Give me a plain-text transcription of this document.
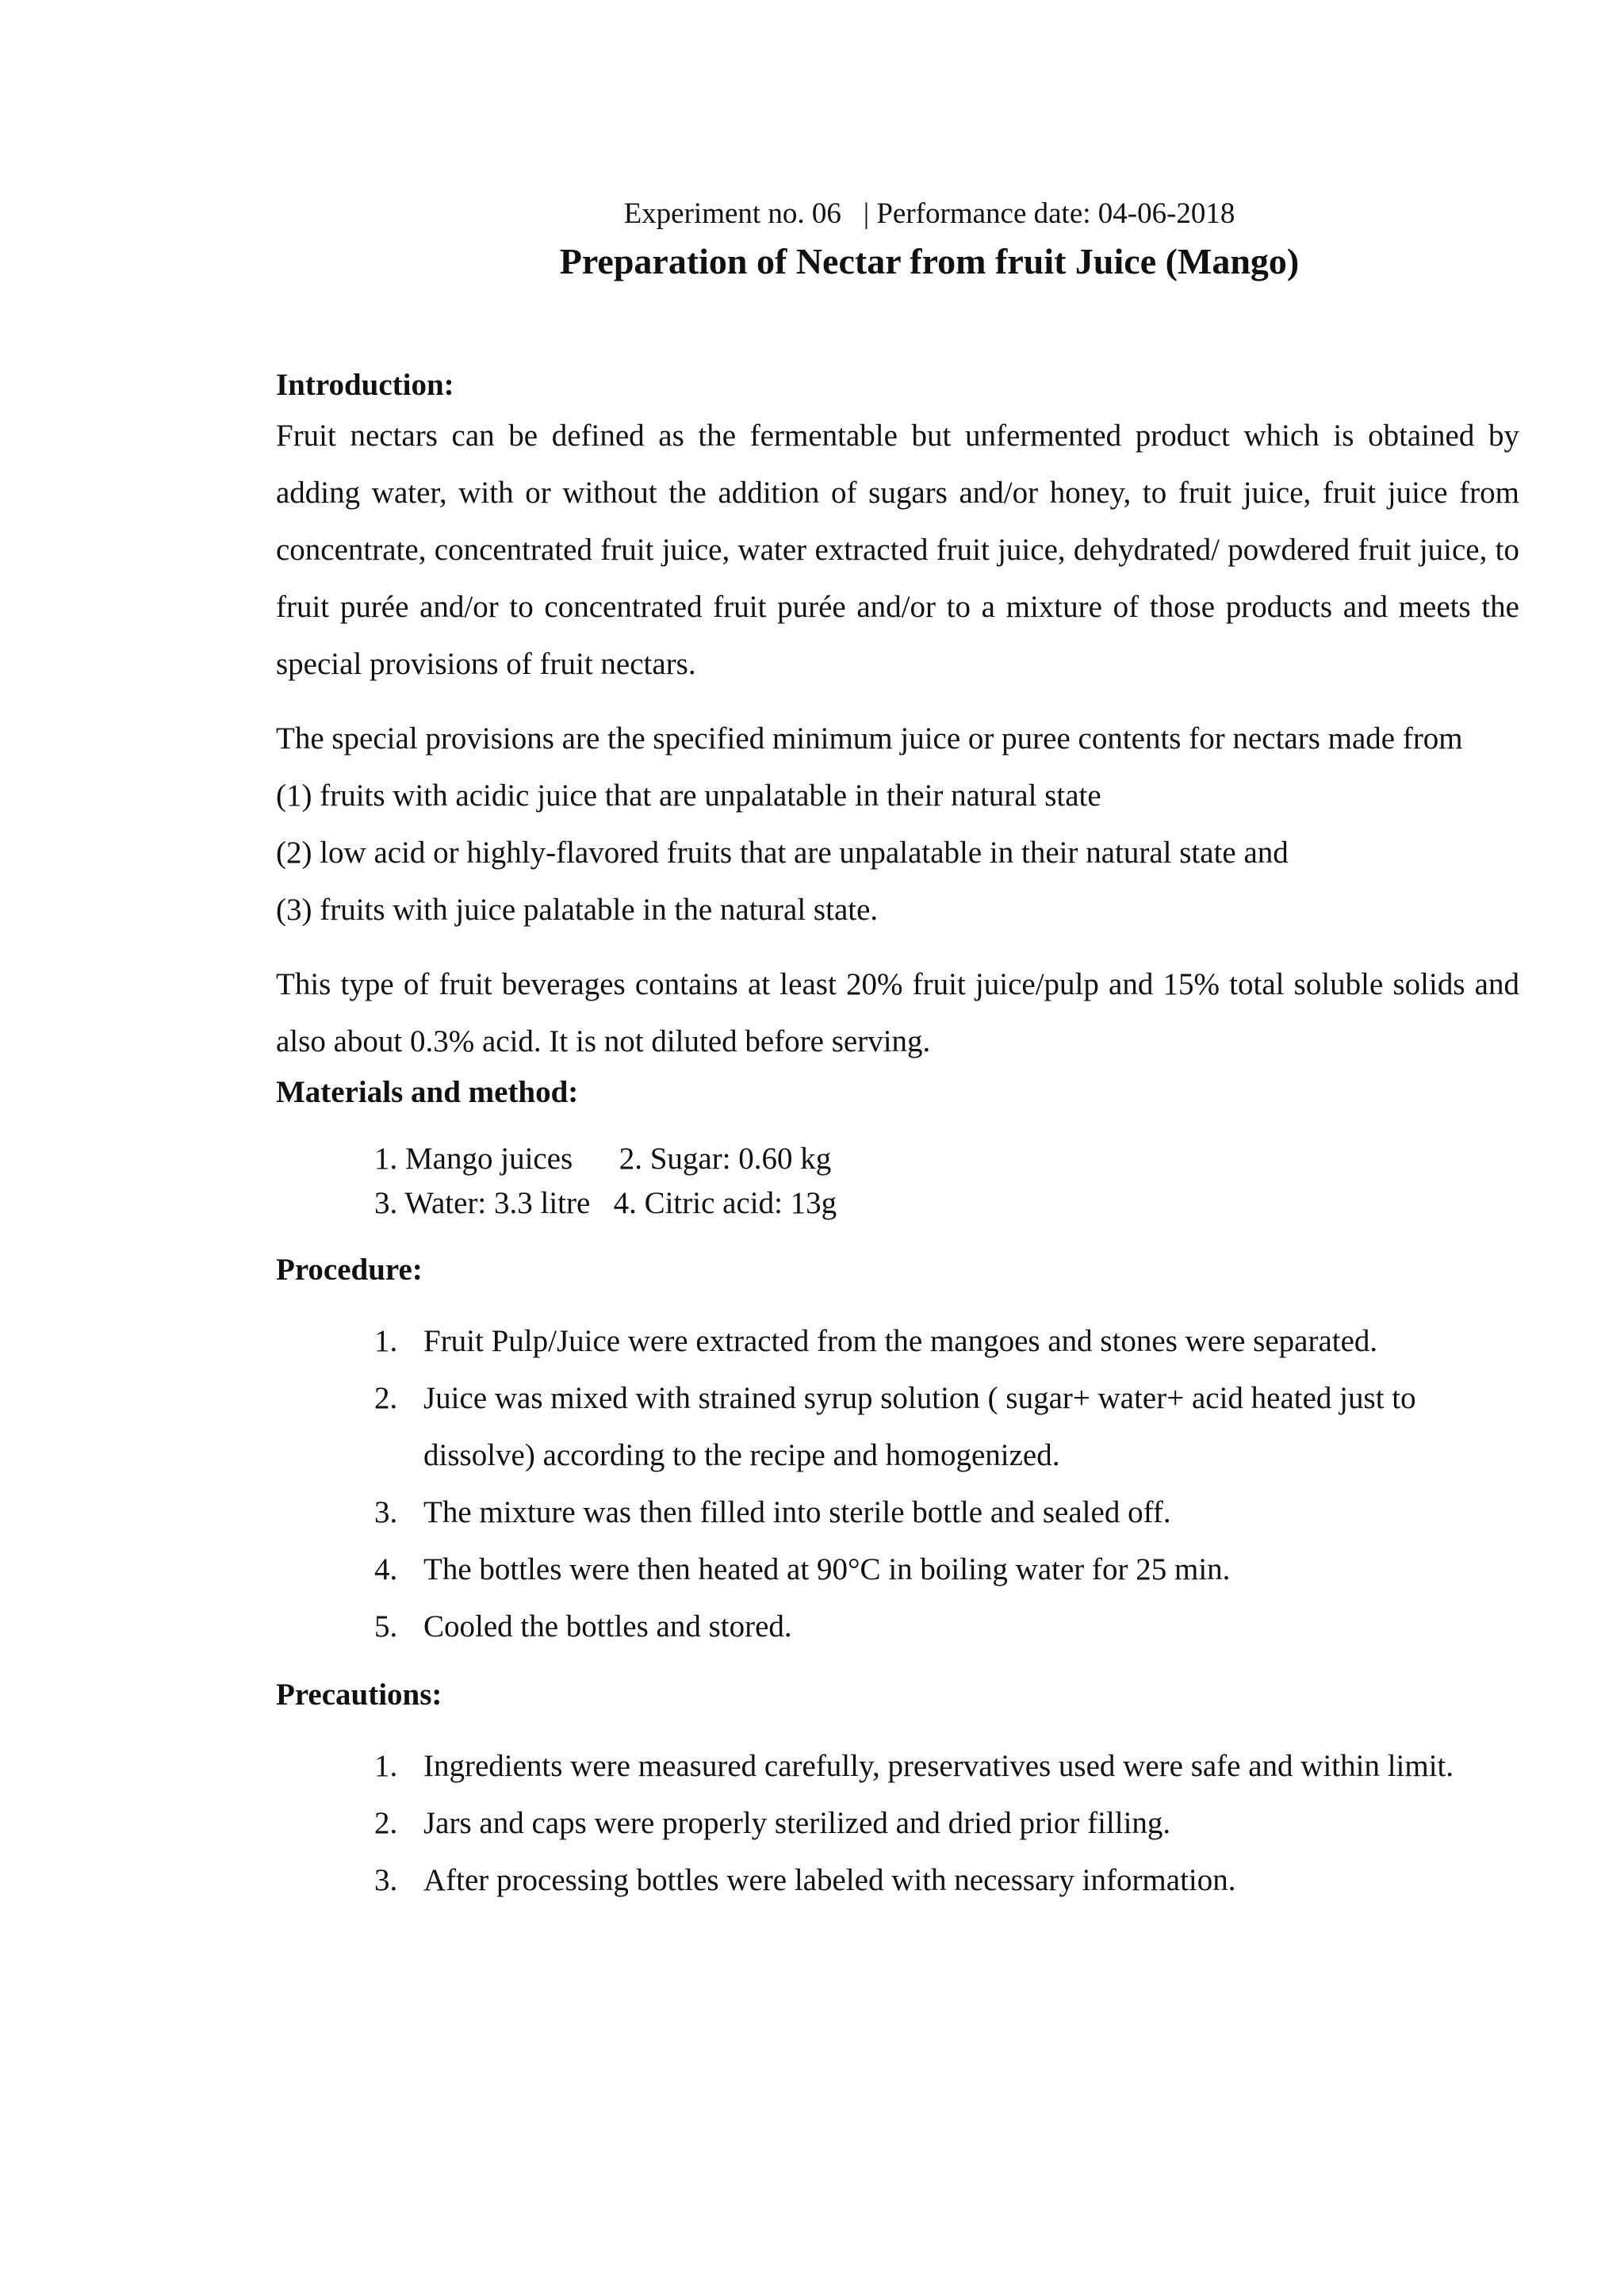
Experiment no. 06 | Performance date: 04-06-2018
Preparation of Nectar from fruit Juice (Mango)
Introduction:

Fruit nectars can be defined as the fermentable but unfermented product which is obtained by adding water, with or without the addition of sugars and/or honey, to fruit juice, fruit juice from concentrate, concentrated fruit juice, water extracted fruit juice, dehydrated/ powdered fruit juice, to fruit purée and/or to concentrated fruit purée and/or to a mixture of those products and meets the special provisions of fruit nectars.

The special provisions are the specified minimum juice or puree contents for nectars made from

(1) fruits with acidic juice that are unpalatable in their natural state

(2) low acid or highly-flavored fruits that are unpalatable in their natural state and

(3) fruits with juice palatable in the natural state.

This type of fruit beverages contains at least 20% fruit juice/pulp and 15% total soluble solids and also about 0.3% acid. It is not diluted before serving.

Materials and method:
1. Mango juices 2. Sugar: 0.60 kg
3. Water: 3.3 litre 4. Citric acid: 13g
Procedure:
1. Fruit Pulp/Juice were extracted from the mangoes and stones were separated.
2. Juice was mixed with strained syrup solution ( sugar+ water+ acid heated just to dissolve) according to the recipe and homogenized.
3. The mixture was then filled into sterile bottle and sealed off.
4. The bottles were then heated at 90°C in boiling water for 25 min.
5. Cooled the bottles and stored.
Precautions:
1. Ingredients were measured carefully, preservatives used were safe and within limit.
2. Jars and caps were properly sterilized and dried prior filling.
3. After processing bottles were labeled with necessary information.
